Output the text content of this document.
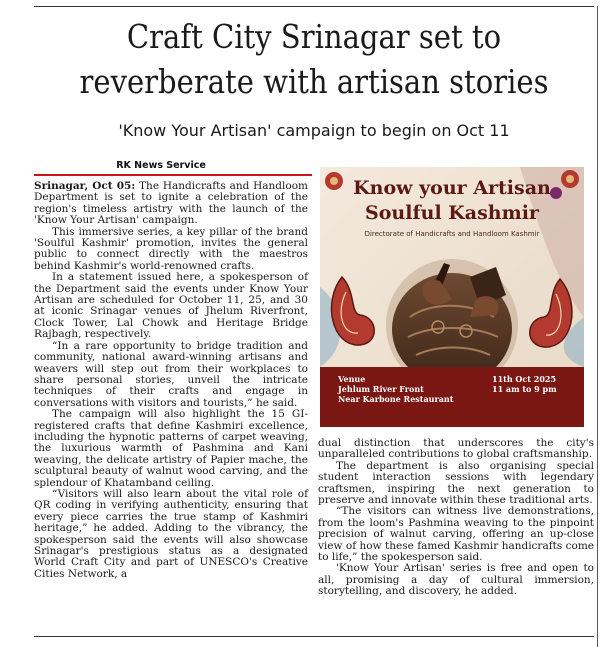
Craft City Srinagar set to
reverberate with artisan stories
'Know Your Artisan' campaign to begin on Oct 11
RK News Service

Srinagar, Oct 05: The Handicrafts and Handloom Department is set to ignite a celebration of the region's timeless artistry with the launch of the 'Know Your Artisan' campaign.

This immersive series, a key pillar of the brand 'Soulful Kashmir' promotion, invites the general public to connect directly with the maestros behind Kashmir's world-renowned crafts.

In a statement issued here, a spokesperson of the Department said the events under Know Your Artisan are scheduled for October 11, 25, and 30 at iconic Srinagar venues of Jhelum Riverfront, Clock Tower, Lal Chowk and Heritage Bridge Rajbagh, respectively.

“In a rare opportunity to bridge tradition and community, national award-winning artisans and weavers will step out from their workplaces to share personal stories, unveil the intricate techniques of their crafts and engage in conversations with visitors and tourists,” he said.

The campaign will also highlight the 15 GI-registered crafts that define Kashmiri excellence, including the hypnotic patterns of carpet weaving, the luxurious warmth of Pashmina and Kani weaving, the delicate artistry of Papier mache, the sculptural beauty of walnut wood carving, and the splendour of Khatamband ceiling.

“Visitors will also learn about the vital role of QR coding in verifying authenticity, ensuring that every piece carries the true stamp of Kashmiri heritage,” he added. Adding to the vibrancy, the spokesperson said the events will also showcase Srinagar's prestigious status as a designated World Craft City and part of UNESCO's Creative Cities Network, a

Know your Artisan
Soulful Kashmir
Directorate of Handicrafts and Handloom Kashmir
Venue
Jehlum River Front
Near Karbone Restaurant
11th Oct 2025
11 am to 9 pm

dual distinction that underscores the city's unparalleled contributions to global craftsmanship.

The department is also organising special student interaction sessions with legendary craftsmen, inspiring the next generation to preserve and innovate within these traditional arts.

“The visitors can witness live demonstrations, from the loom's Pashmina weaving to the pinpoint precision of walnut carving, offering an up-close view of how these famed Kashmir handicrafts come to life,” the spokesperson said.

'Know Your Artisan' series is free and open to all, promising a day of cultural immersion, storytelling, and discovery, he added.
